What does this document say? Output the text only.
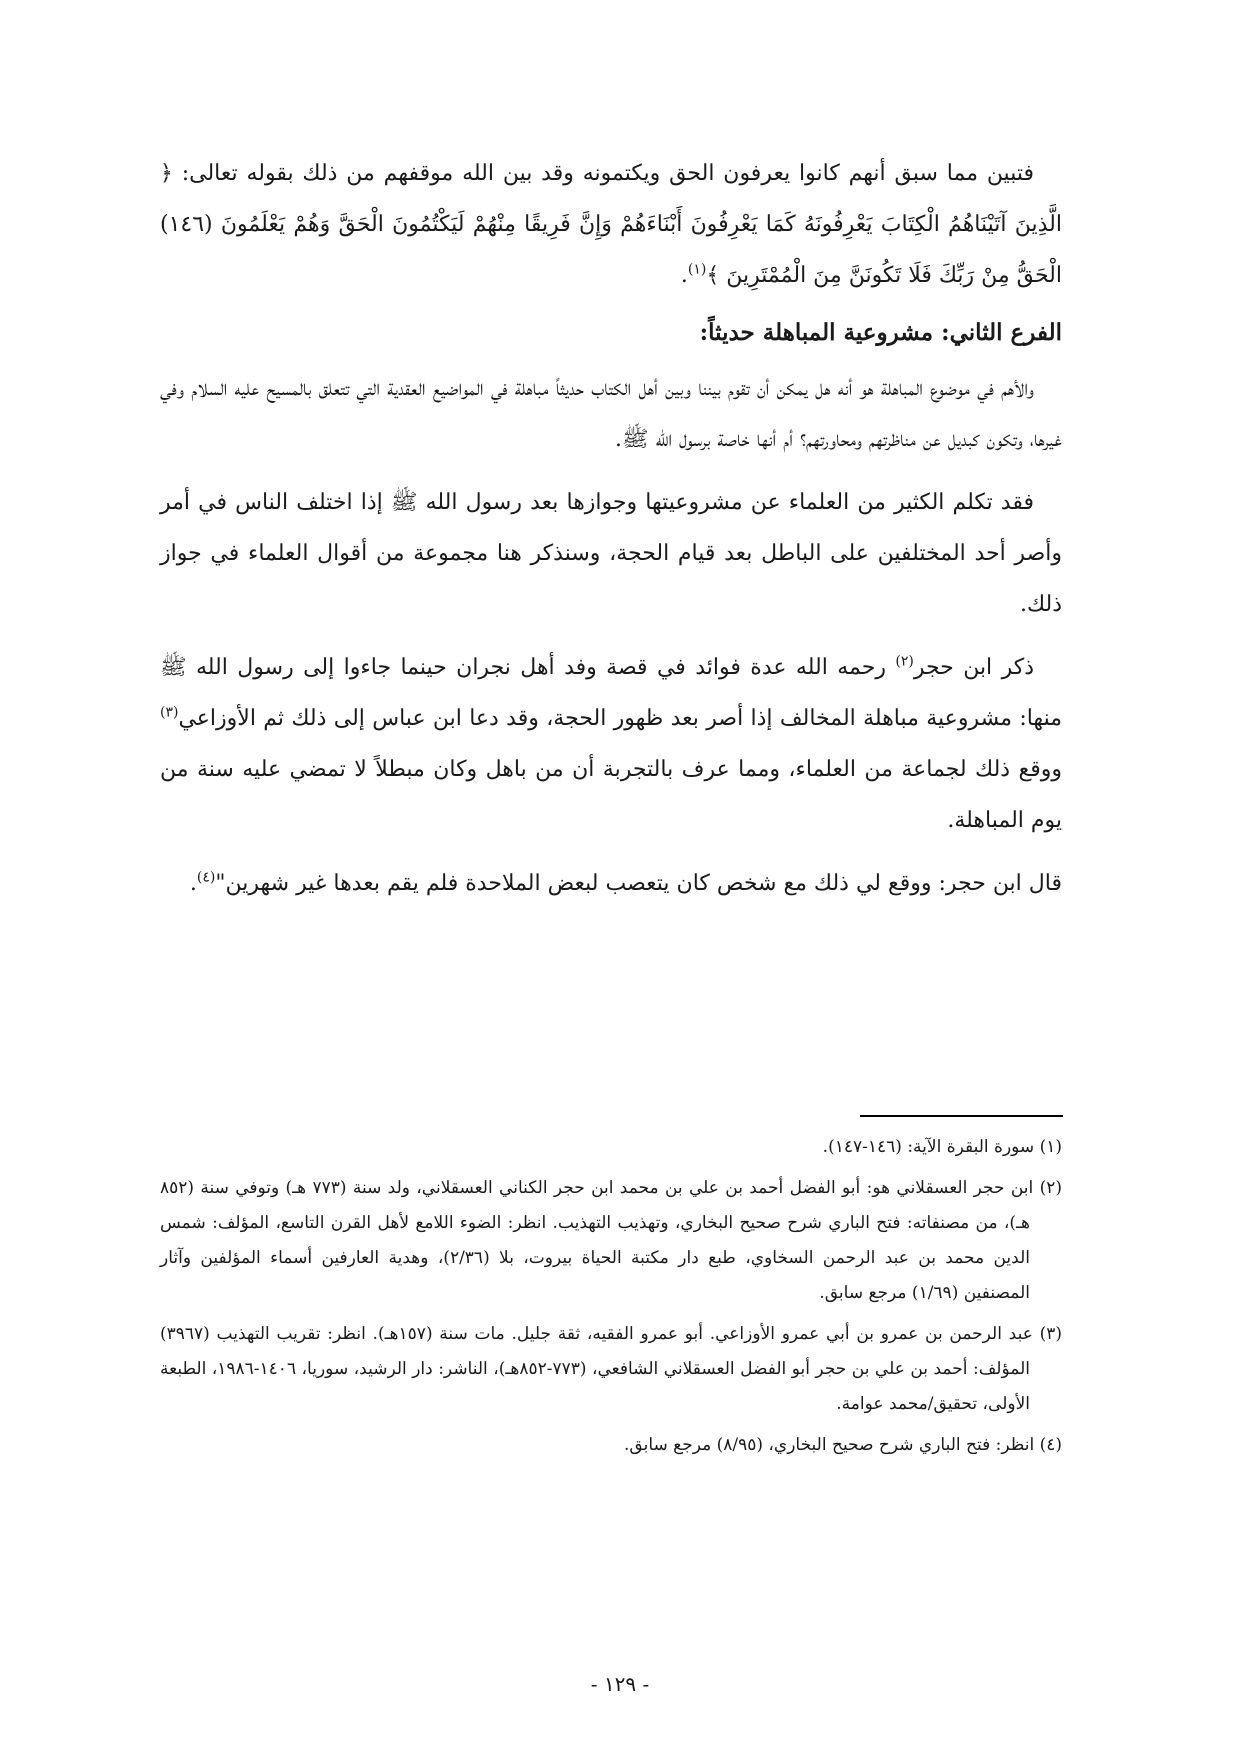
فتبين مما سبق أنهم كانوا يعرفون الحق ويكتمونه وقد بين الله موقفهم من ذلك بقوله تعالى: ﴿ الَّذِينَ آتَيْنَاهُمُ الْكِتَابَ يَعْرِفُونَهُ كَمَا يَعْرِفُونَ أَبْنَاءَهُمْ وَإِنَّ فَرِيقًا مِنْهُمْ لَيَكْتُمُونَ الْحَقَّ وَهُمْ يَعْلَمُونَ (١٤٦) الْحَقُّ مِنْ رَبِّكَ فَلَا تَكُونَنَّ مِنَ الْمُمْتَرِينَ ﴾$^{(١)}$.

الفرع الثاني: مشروعية المباهلة حديثاً:

والأهم في موضوع المباهلة هو أنه هل يمكن أن تقوم بيننا وبين أهل الكتاب حديثاً مباهلة في المواضيع العقدية التي تتعلق بالمسيح عليه السلام وفي غيرها، وتكون كبديل عن مناظرتهم ومحاورتهم؟ أم أنها خاصة برسول الله ﷺ.

فقد تكلم الكثير من العلماء عن مشروعيتها وجوازها بعد رسول الله ﷺ إذا اختلف الناس في أمر وأصر أحد المختلفين على الباطل بعد قيام الحجة، وسنذكر هنا مجموعة من أقوال العلماء في جواز ذلك.

ذكر ابن حجر$^{(٢)}$ رحمه الله عدة فوائد في قصة وفد أهل نجران حينما جاءوا إلى رسول الله ﷺ منها: مشروعية مباهلة المخالف إذا أصر بعد ظهور الحجة، وقد دعا ابن عباس إلى ذلك ثم الأوزاعي$^{(٣)}$ ووقع ذلك لجماعة من العلماء، ومما عرف بالتجربة أن من باهل وكان مبطلاً لا تمضي عليه سنة من يوم المباهلة.

قال ابن حجر: ووقع لي ذلك مع شخص كان يتعصب لبعض الملاحدة فلم يقم بعدها غير شهرين"$^{(٤)}$.

(١) سورة البقرة الآية: (١٤٦-١٤٧).

(٢) ابن حجر العسقلاني هو: أبو الفضل أحمد بن علي بن محمد ابن حجر الكناني العسقلاني، ولد سنة (٧٧٣ هـ) وتوفي سنة (٨٥٢ هـ)، من مصنفاته: فتح الباري شرح صحيح البخاري، وتهذيب التهذيب. انظر: الضوء اللامع لأهل القرن التاسع، المؤلف: شمس الدين محمد بن عبد الرحمن السخاوي، طبع دار مكتبة الحياة بيروت، بلا (٢/٣٦)، وهدية العارفين أسماء المؤلفين وآثار المصنفين (١/٦٩) مرجع سابق.

(٣) عبد الرحمن بن عمرو بن أبي عمرو الأوزاعي. أبو عمرو الفقيه، ثقة جليل. مات سنة (١٥٧هـ). انظر: تقريب التهذيب (٣٩٦٧) المؤلف: أحمد بن علي بن حجر أبو الفضل العسقلاني الشافعي، (٧٧٣-٨٥٢هـ)، الناشر: دار الرشيد، سوريا، ١٤٠٦-١٩٨٦، الطبعة الأولى، تحقيق/محمد عوامة.

(٤) انظر: فتح الباري شرح صحيح البخاري، (٨/٩٥) مرجع سابق.

- ١٢٩ -
